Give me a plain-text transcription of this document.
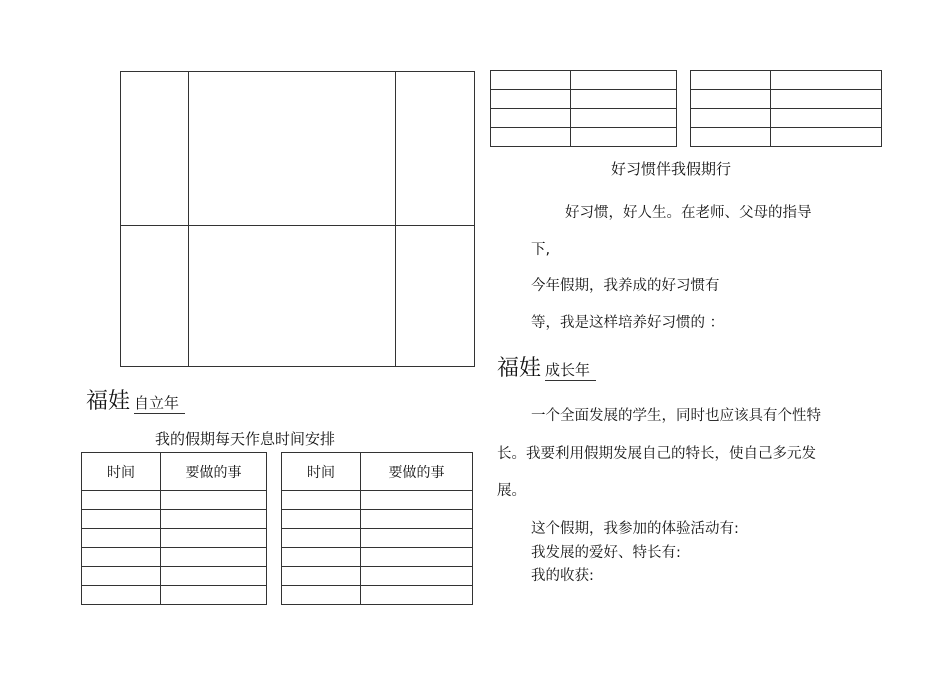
好习惯伴我假期行
好习惯，好人生。在老师、父母的指导
下,
今年假期，我养成的好习惯有
等，我是这样培养好习惯的 ：
福娃 成长年
一个全面发展的学生，同时也应该具有个性特
长。我要利用假期发展自己的特长，使自己多元发
展。
这个假期，我参加的体验活动有:
我发展的爱好、特长有:
我的收获:
福娃 自立年
我的假期每天作息时间安排
时间	要做的事

		时间	要做的事
